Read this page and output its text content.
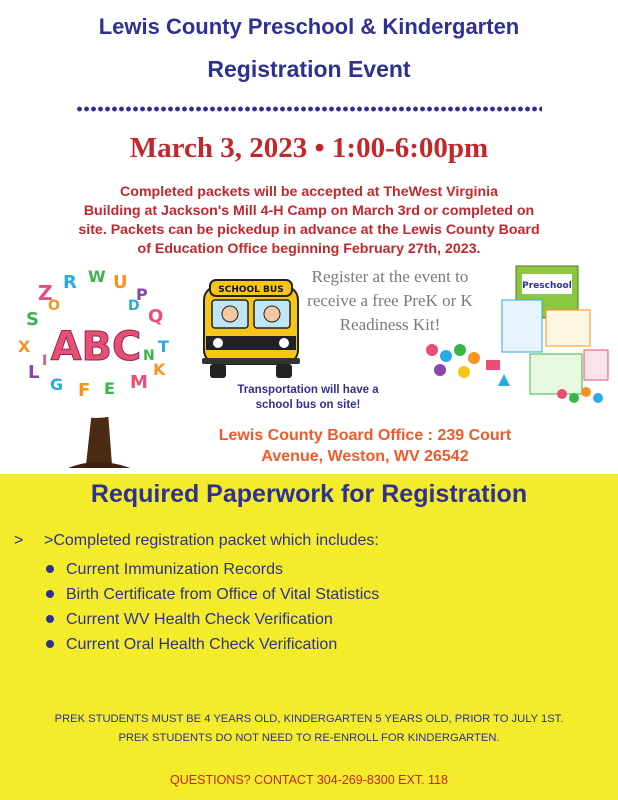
Lewis County Preschool & Kindergarten
Registration Event
March 3, 2023 • 1:00-6:00pm
Completed packets will be accepted at TheWest Virginia
Building at Jackson's Mill 4-H Camp on March 3rd or completed on
site. Packets can be pickedup in advance at the Lewis County Board
of Education Office beginning February 27th, 2023.
Z R W U
P
S	Q
X	T
L
G F E M
K
O	D
I	N
ABC
SCHOOL BUS
Transportation will have a
school bus on site!
Register at the event to
receive a free PreK or K
Readiness Kit!
Preschool
Lewis County Board Office : 239 Court
Avenue, Weston, WV 26542
Required Paperwork for Registration
> >Completed registration packet which includes:
Current Immunization Records
Birth Certificate from Office of Vital Statistics
Current WV Health Check Verification
Current Oral Health Check Verification
PREK STUDENTS MUST BE 4 YEARS OLD, KINDERGARTEN 5 YEARS OLD, PRIOR TO JULY 1ST.
PREK STUDENTS DO NOT NEED TO RE-ENROLL FOR KINDERGARTEN.
QUESTIONS? CONTACT 304-269-8300 EXT. 118
